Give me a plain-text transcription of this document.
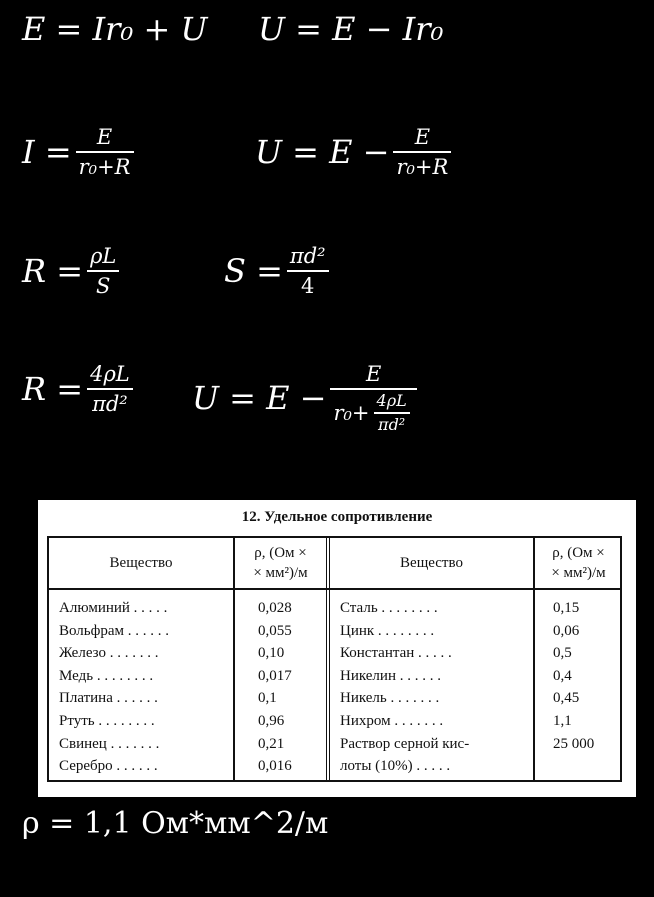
E = Ir₀ + U U = E − Ir₀
$I = \frac{E}{\text{r₀+R}}$	$U = E - \frac{E}{\text{r₀+R}}$
$R = \frac{\rho L}{S}$	$S = \frac{\text{πd²}}{4}$
$R = \frac{4\rho L}{\text{πd²}}$ $U = E - \frac{E}{r_0+ \frac{4\rho L}{\text{πd²}}}$
12. Удельное сопротивление
Вещество
ρ, (Ом ×
× мм²)/м
Вещество
ρ, (Ом ×
× мм²)/м
Алюминий . . . . .
Вольфрам . . . . . .
Железо . . . . . . .
Медь . . . . . . . .
Платина . . . . . .
Ртуть . . . . . . . .
Свинец . . . . . . .
Серебро . . . . . .
0,028
0,055
0,10
0,017
0,1
0,96
0,21
0,016
Сталь . . . . . . . .
Цинк . . . . . . . .
Константан . . . . .
Никелин . . . . . .
Никель . . . . . . .
Нихром . . . . . . .
Раствор серной кис-
лоты (10%) . . . . .
0,15
0,06
0,5
0,4
0,45
1,1
25 000
ρ = 1,1 Ом*мм^2/м
